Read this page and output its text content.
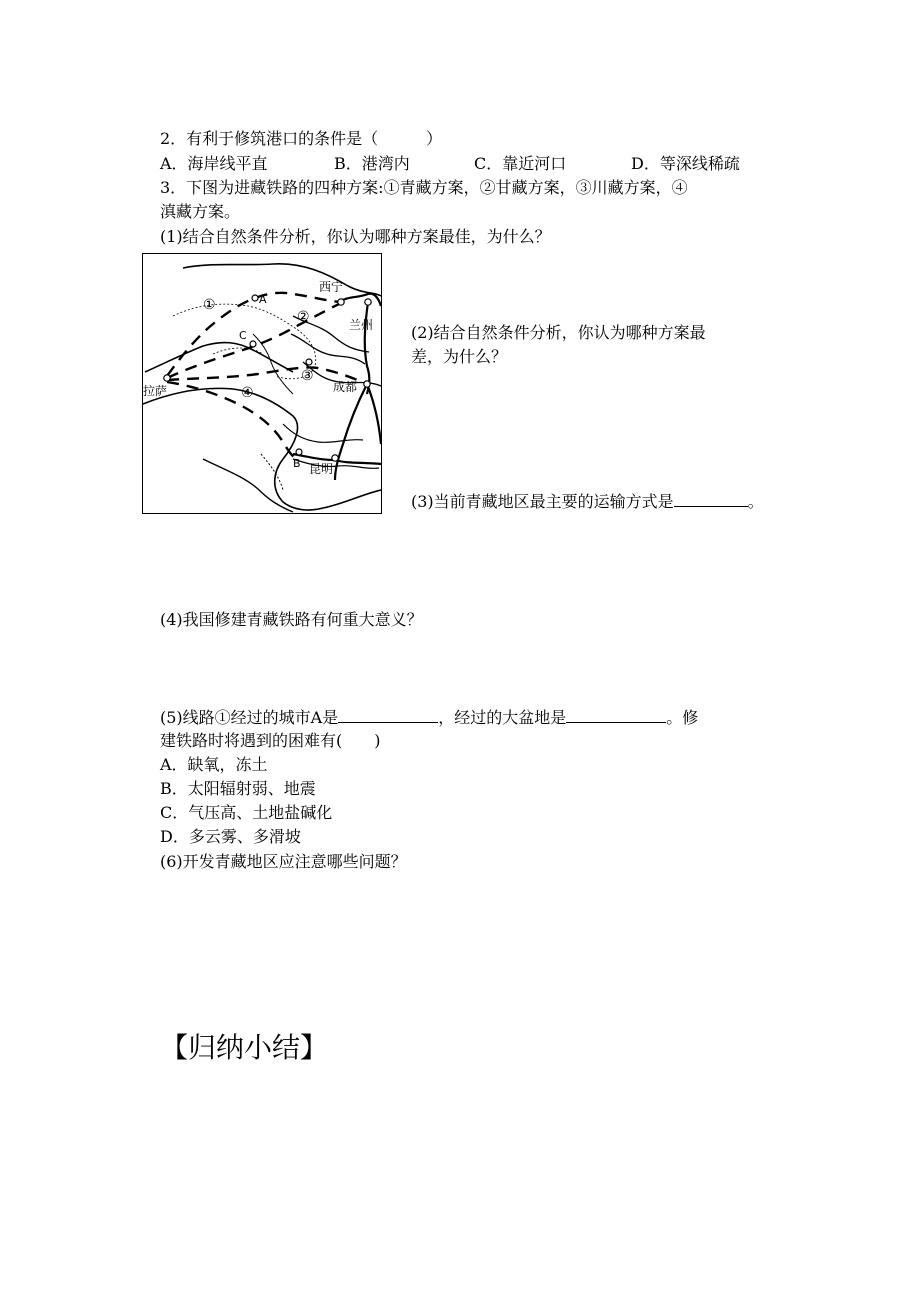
2．有利于修筑港口的条件是（　　　）
A．海岸线平直	B．港湾内	C．靠近河口	D．等深线稀疏
3．下图为进藏铁路的四种方案:①青藏方案，②甘藏方案，③川藏方案，④
滇藏方案。
(1)结合自然条件分析，你认为哪种方案最佳，为什么？
西宁
兰州
成都
昆明
拉萨
A
C
B
①
②
③
④
(2)结合自然条件分析，你认为哪种方案最
差，为什么？
(3)当前青藏地区最主要的运输方式是	。
(4)我国修建青藏铁路有何重大意义？
(5)线路①经过的城市A是	，经过的大盆地是	。修
建铁路时将遇到的困难有(　　)
A．缺氧，冻土
B．太阳辐射弱、地震
C．气压高、土地盐碱化
D．多云雾、多滑坡
(6)开发青藏地区应注意哪些问题？
【归纳小结】
